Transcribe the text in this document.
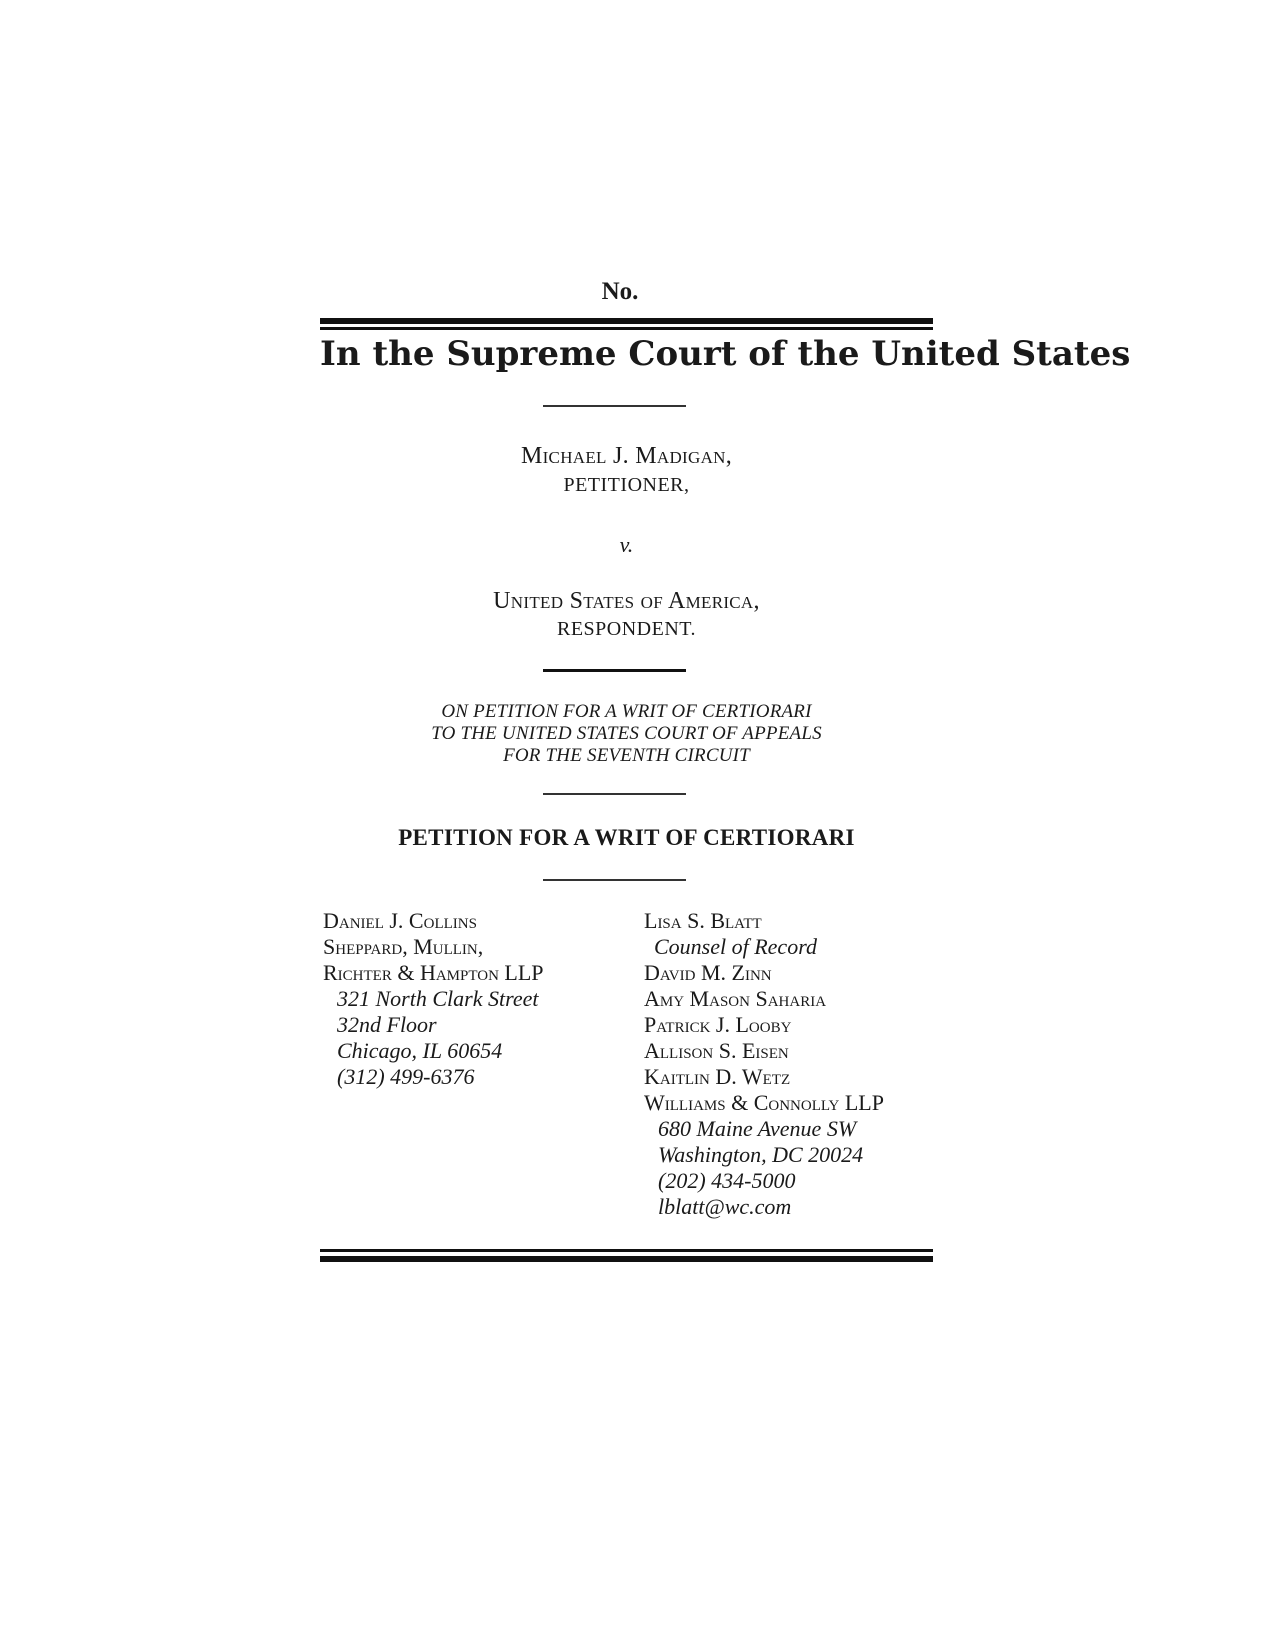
No.
In the Supreme Court of the United States
Michael J. Madigan,
PETITIONER,
v.
United States of America,
RESPONDENT.
ON PETITION FOR A WRIT OF CERTIORARI
TO THE UNITED STATES COURT OF APPEALS
FOR THE SEVENTH CIRCUIT
PETITION FOR A WRIT OF CERTIORARI
Daniel J. Collins
Sheppard, Mullin,
Richter & Hampton LLP
321 North Clark Street
32nd Floor
Chicago, IL 60654
(312) 499-6376
Lisa S. Blatt
Counsel of Record
David M. Zinn
Amy Mason Saharia
Patrick J. Looby
Allison S. Eisen
Kaitlin D. Wetz
Williams & Connolly LLP
680 Maine Avenue SW
Washington, DC 20024
(202) 434-5000
lblatt@wc.com
